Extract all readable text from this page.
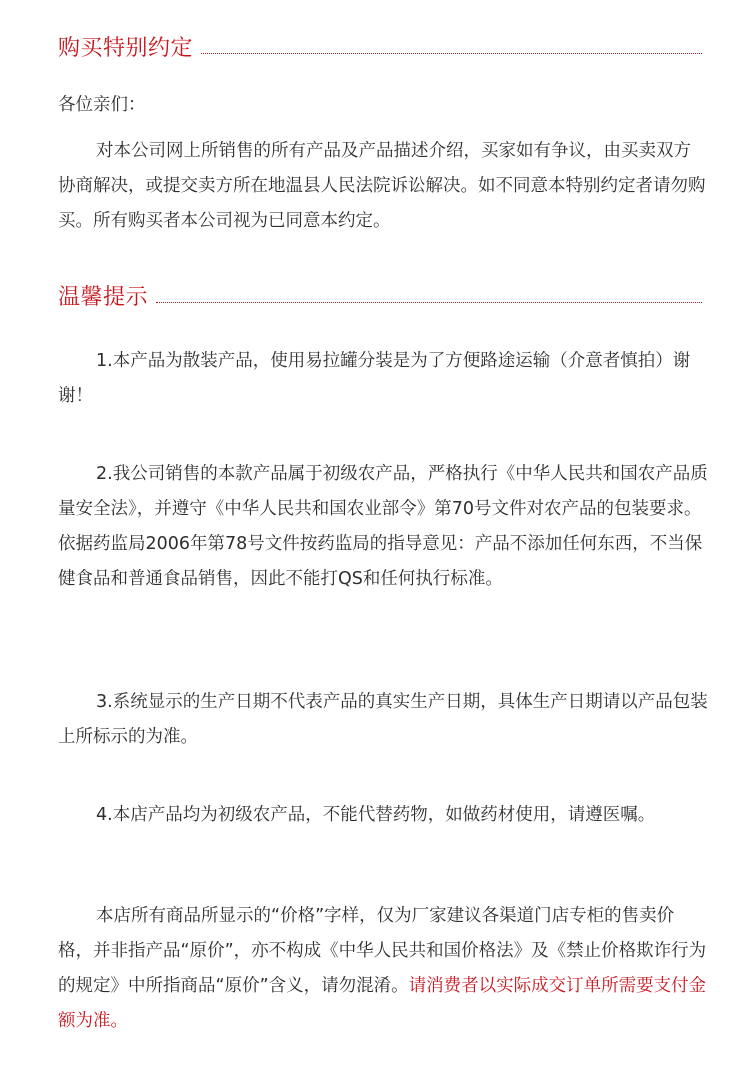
购买特别约定

各位亲们：

对本公司网上所销售的所有产品及产品描述介绍，买家如有争议，由买卖双方协商解决，或提交卖方所在地温县人民法院诉讼解决。如不同意本特别约定者请勿购买。所有购买者本公司视为已同意本约定。

温馨提示

1.本产品为散装产品，使用易拉罐分装是为了方便路途运输（介意者慎拍）谢谢！

2.我公司销售的本款产品属于初级农产品，严格执行《中华人民共和国农产品质量安全法》，并遵守《中华人民共和国农业部令》第70号文件对农产品的包装要求。依据药监局2006年第78号文件按药监局的指导意见：产品不添加任何东西，不当保健食品和普通食品销售，因此不能打QS和任何执行标准。

3.系统显示的生产日期不代表产品的真实生产日期，具体生产日期请以产品包装上所标示的为准。

4.本店产品均为初级农产品，不能代替药物，如做药材使用，请遵医嘱。

本店所有商品所显示的“价格”字样，仅为厂家建议各渠道门店专柜的售卖价格，并非指产品“原价”，亦不构成《中华人民共和国价格法》及《禁止价格欺诈行为的规定》中所指商品“原价”含义，请勿混淆。请消费者以实际成交订单所需要支付金额为准。
